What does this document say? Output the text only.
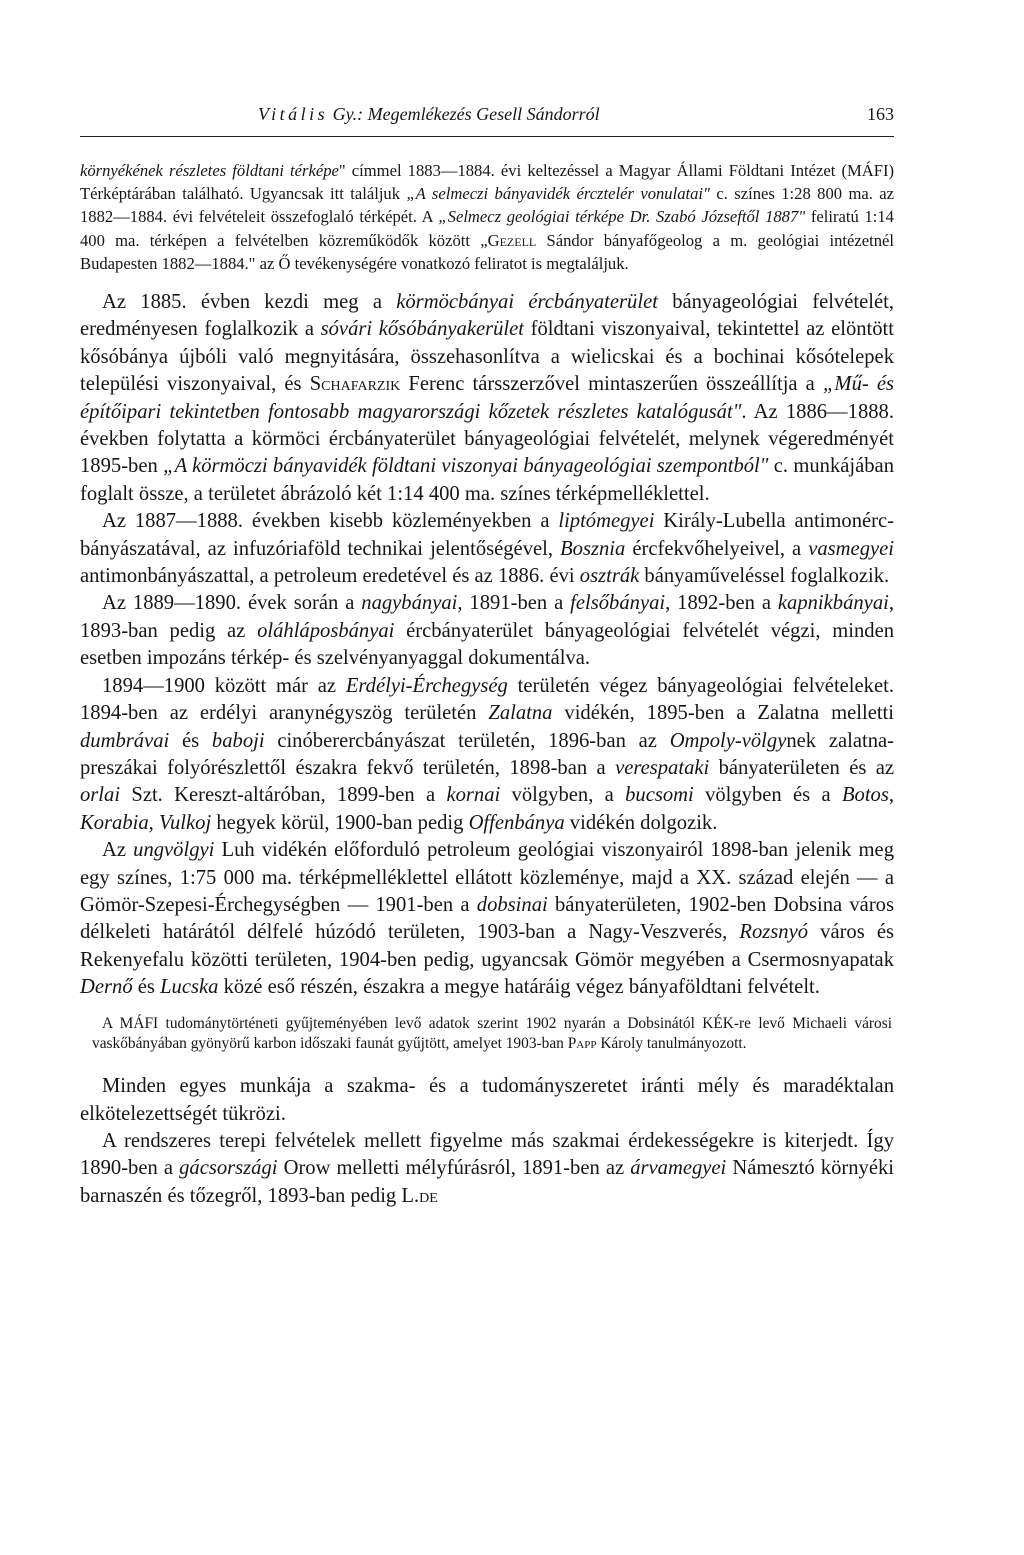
Vitális Gy.: Megemlékezés Gesell Sándorról	163

környékének részletes földtani térképe" címmel 1883—1884. évi keltezéssel a Magyar Állami Földtani Intézet (MÁFI) Térképtárában található. Ugyancsak itt találjuk „A selmeczi bányavidék ércztelér vonulatai" c. színes 1:28 800 ma. az 1882—1884. évi felvételeit összefoglaló térképét. A „Selmecz geológiai térképe Dr. Szabó Józseftől 1887" feliratú 1:14 400 ma. térképen a felvételben közreműködők között „Gezell Sándor bányafőgeolog a m. geológiai intézetnél Budapesten 1882—1884." az Ő tevékenységére vonatkozó feliratot is megtaláljuk.

Az 1885. évben kezdi meg a körmöcbányai ércbányaterület bányageológiai felvételét, eredményesen foglalkozik a sóvári kősóbányakerület földtani viszonyaival, tekintettel az elöntött kősóbánya újbóli való megnyitására, összehasonlítva a wielicskai és a bochinai kősótelepek települési viszonyaival, és Schafarzik Ferenc társszerzővel mintaszerűen összeállítja a „Mű- és építőipari tekintetben fontosabb magyarországi kőzetek részletes katalógusát". Az 1886—1888. években folytatta a körmöci ércbányaterület bányageológiai felvételét, melynek végeredményét 1895-ben „A körmöczi bányavidék földtani viszonyai bányageológiai szempontból" c. munkájában foglalt össze, a területet ábrázoló két 1:14 400 ma. színes térképmelléklettel.

Az 1887—1888. években kisebb közleményekben a liptómegyei Király-Lubella antimonérc-bányászatával, az infuzóriaföld technikai jelentőségével, Bosznia ércfekvőhelyeivel, a vasmegyei antimonbányászattal, a petroleum eredetével és az 1886. évi osztrák bányaműveléssel foglalkozik.

Az 1889—1890. évek során a nagybányai, 1891-ben a felsőbányai, 1892-ben a kapnikbányai, 1893-ban pedig az oláhláposbányai ércbányaterület bányageológiai felvételét végzi, minden esetben impozáns térkép- és szelvényanyaggal dokumentálva.

1894—1900 között már az Erdélyi-Érchegység területén végez bányageológiai felvételeket. 1894-ben az erdélyi aranynégyszög területén Zalatna vidékén, 1895-ben a Zalatna melletti dumbrávai és baboji cinóberercbányászat területén, 1896-ban az Ompoly-völgynek zalatna-preszákai folyórészlettől északra fekvő területén, 1898-ban a verespataki bányaterületen és az orlai Szt. Kereszt-altáróban, 1899-ben a kornai völgyben, a bucsomi völgyben és a Botos, Korabia, Vulkoj hegyek körül, 1900-ban pedig Offenbánya vidékén dolgozik.

Az ungvölgyi Luh vidékén előforduló petroleum geológiai viszonyairól 1898-ban jelenik meg egy színes, 1:75 000 ma. térképmelléklettel ellátott közleménye, majd a XX. század elején — a Gömör-Szepesi-Érchegységben — 1901-ben a dobsinai bányaterületen, 1902-ben Dobsina város délkeleti határától délfelé húzódó területen, 1903-ban a Nagy-Veszverés, Rozsnyó város és Rekenyefalu közötti területen, 1904-ben pedig, ugyancsak Gömör megyében a Csermosnyapatak Dernő és Lucska közé eső részén, északra a megye határáig végez bányaföldtani felvételt.

A MÁFI tudománytörténeti gyűjteményében levő adatok szerint 1902 nyarán a Dobsinától KÉK-re levő Michaeli városi vaskőbányában gyönyörű karbon időszaki faunát gyűjtött, amelyet 1903-ban Papp Károly tanulmányozott.

Minden egyes munkája a szakma- és a tudományszeretet iránti mély és maradéktalan elkötelezettségét tükrözi.

A rendszeres terepi felvételek mellett figyelme más szakmai érdekességekre is kiterjedt. Így 1890-ben a gácsországi Orow melletti mélyfúrásról, 1891-ben az árvamegyei Námesztó környéki barnaszén és tőzegről, 1893-ban pedig L.de
